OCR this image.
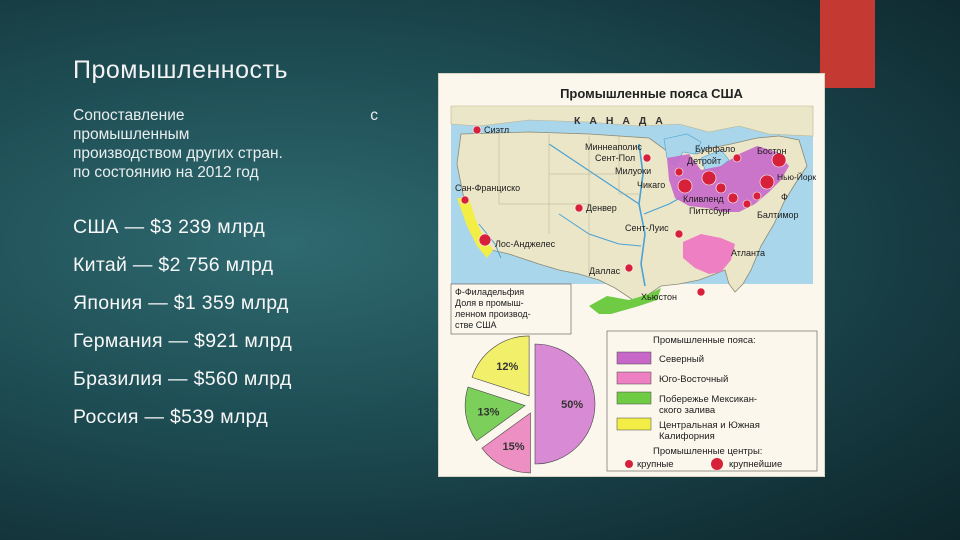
Промышленность
Сопоставление	с
промышленным
производством других стран.
по состоянию на 2012 год
США — $3 239 млрд
Китай — $2 756 млрд
Япония — $1 359 млрд
Германия — $921 млрд
Бразилия — $560 млрд
Россия — $539 млрд
Промышленные пояса США
К А Н А Д А
Сиэтл
Сан-Франциско
Лос-Анджелес
Миннеаполис
Сент-Пол
Милуоки
Чикаго
Детройт
Буффало Бостон
Нью-Йорк
Ф
Балтимор
Кливленд
Питтсбург
Денвер
Сент-Луис
Атланта
Даллас
Хьюстон
Ф-Филадельфия
Доля в промыш-
ленном производ-
стве США
50%
15%
13%
12%
Промышленные пояса:
Северный
Юго-Восточный
Побережье Мексикан-
ского залива
Центральная и Южная
Калифорния
Промышленные центры:
крупные	крупнейшие
